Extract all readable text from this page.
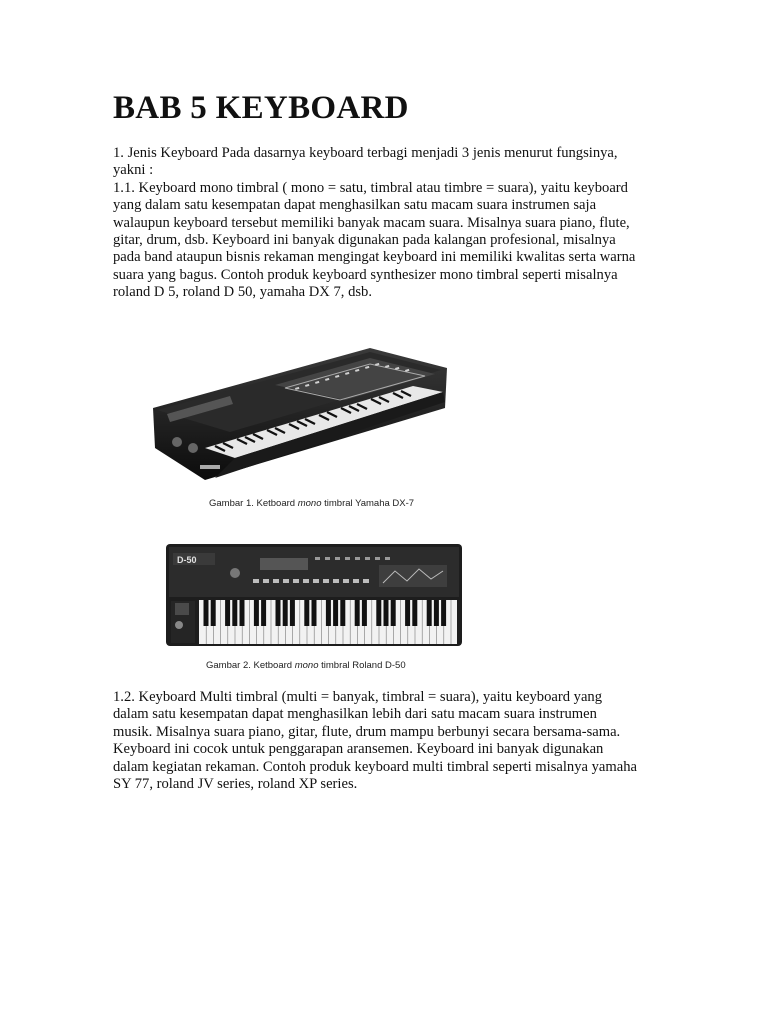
BAB 5 KEYBOARD
1. Jenis Keyboard Pada dasarnya keyboard terbagi menjadi 3 jenis menurut fungsinya,
yakni :
1.1. Keyboard mono timbral ( mono = satu, timbral atau timbre = suara), yaitu keyboard
yang dalam satu kesempatan dapat menghasilkan satu macam suara instrumen saja
walaupun keyboard tersebut memiliki banyak macam suara. Misalnya suara piano, flute,
gitar, drum, dsb. Keyboard ini banyak digunakan pada kalangan profesional, misalnya
pada band ataupun bisnis rekaman mengingat keyboard ini memiliki kwalitas serta warna
suara yang bagus. Contoh produk keyboard synthesizer mono timbral seperti misalnya
roland D 5, roland D 50, yamaha DX 7, dsb.
Gambar 1. Ketboard mono timbral Yamaha DX-7
D-50
Gambar 2. Ketboard mono timbral Roland D-50
1.2. Keyboard Multi timbral (multi = banyak, timbral = suara), yaitu keyboard yang
dalam satu kesempatan dapat menghasilkan lebih dari satu macam suara instrumen
musik. Misalnya suara piano, gitar, flute, drum mampu berbunyi secara bersama-sama.
Keyboard ini cocok untuk penggarapan aransemen. Keyboard ini banyak digunakan
dalam kegiatan rekaman. Contoh produk keyboard multi timbral seperti misalnya yamaha
SY 77, roland JV series, roland XP series.
